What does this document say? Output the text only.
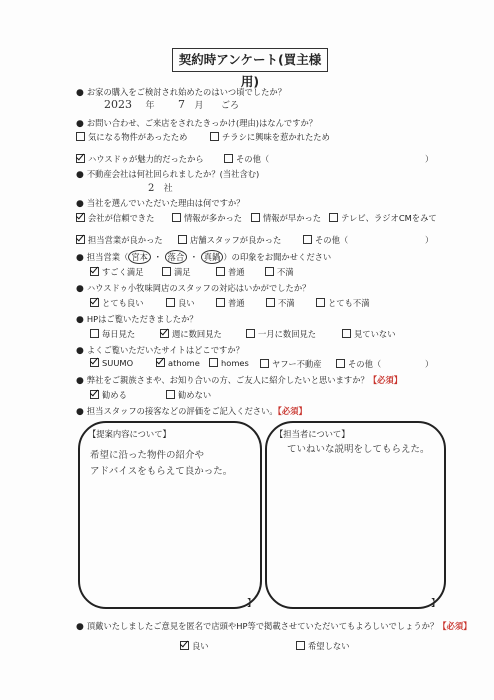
契約時アンケート(買主様用)
● お家の購入をご検討され始めたのはいつ頃でしたか？
2023 年 7 月 ごろ
● お問い合わせ、ご来店をされたきっかけ(理由)はなんですか？
気になる物件があったため	チラシに興味を惹かれたため
ハウスドゥが魅力的だったから	その他（	）
● 不動産会社は何社回られましたか？(当社含む)
2 社
● 当社を選んでいただいた理由は何ですか？
会社が信頼できた	情報が多かった	情報が早かった	テレビ、ラジオCMをみて
担当営業が良かった	店舗スタッフが良かった	その他（	）
● 担当営業（ 宮本 ・ 落合 ・ 真鍋 ）の印象をお聞かせください
すごく満足	満足	普通	不満
● ハウスドゥ小牧味岡店のスタッフの対応はいかがでしたか？
とても良い	良い	普通	不満	とても不満
● HPはご覧いただきましたか？
毎日見た	週に数回見た	一月に数回見た	見ていない
● よくご覧いただいたサイトはどこですか？
SUUMO	athome	homes	ヤフー不動産	その他（	）
● 弊社をご親族さまや、お知り合いの方、ご友人に紹介したいと思いますか？【必須】
勧める	勧めない
● 担当スタッフの接客などの評価をご記入ください。【必須】
【提案内容について】
希望に沿った物件の紹介や
アドバイスをもらえて良かった。
】
【担当者について】
ていねいな説明をしてもらえた。
】
● 頂戴いたしましたご意見を匿名で店頭やHP等で掲載させていただいてもよろしいでしょうか？【必須】
良い	希望しない
